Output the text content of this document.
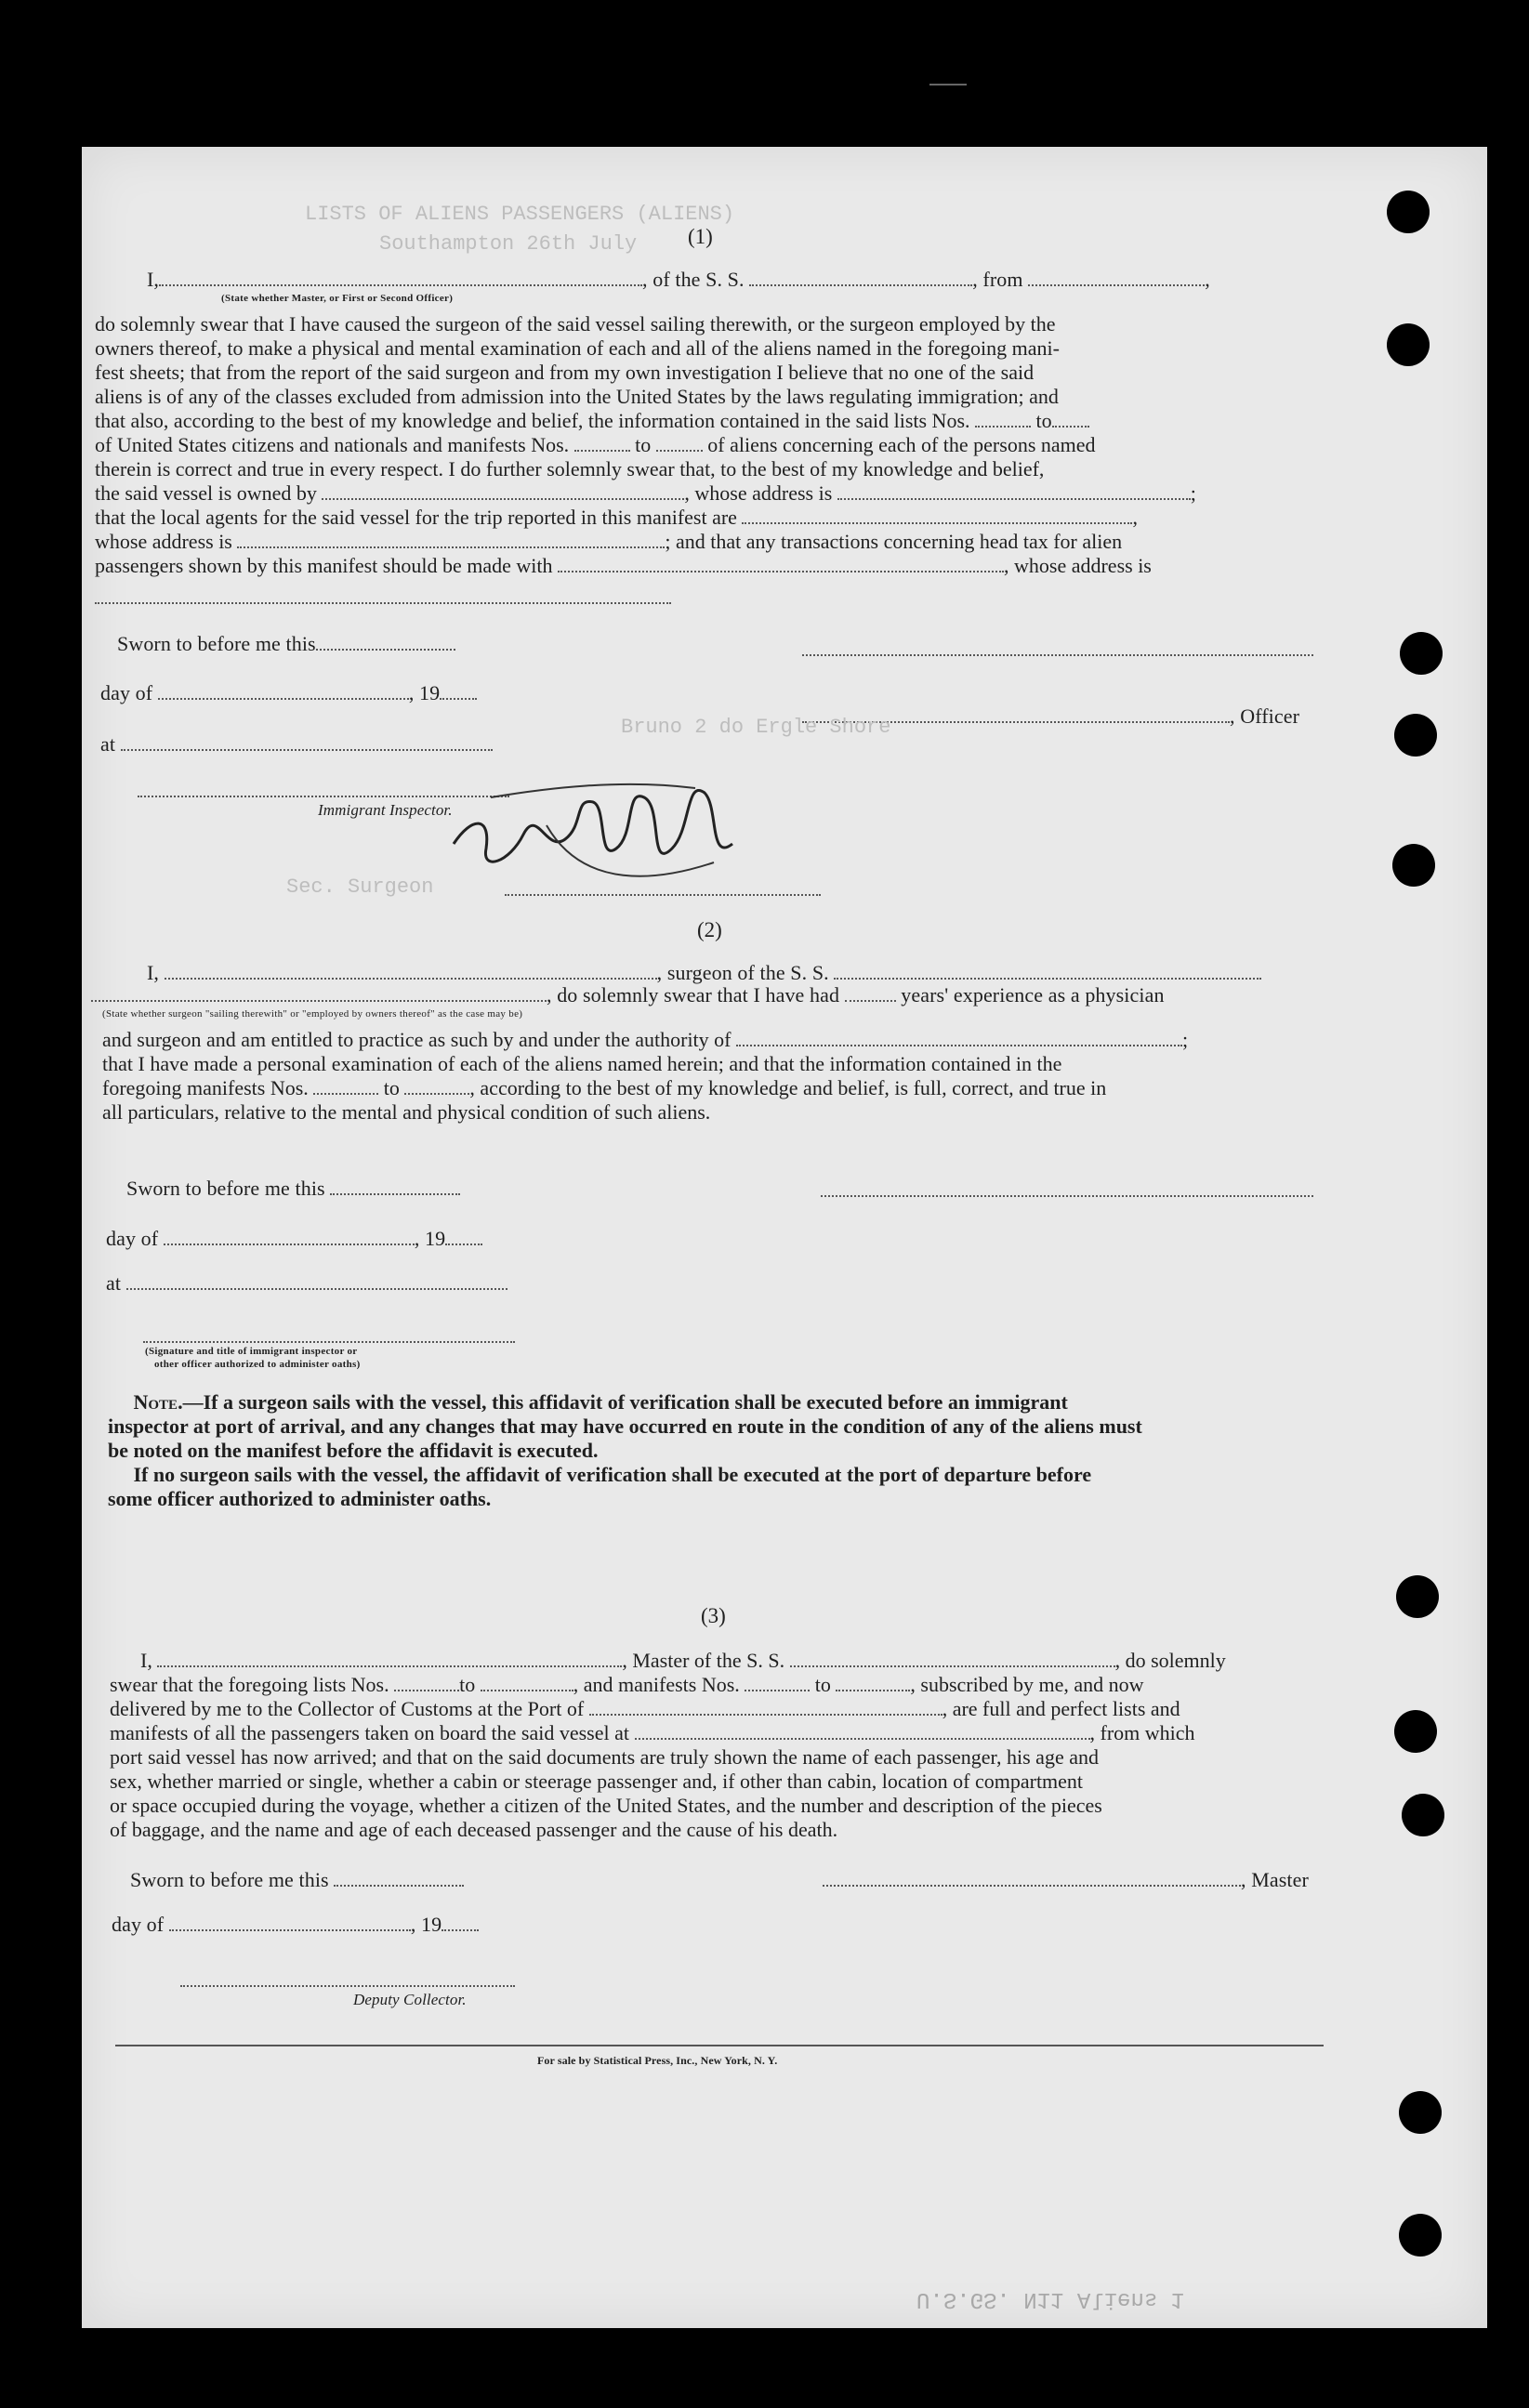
LISTS OF ALIENS PASSENGERS (ALIENS)
Southampton 26th July (1)
I,	, of the S. S.	, from	,
(State whether Master, or First or Second Officer)
do solemnly swear that I have caused the surgeon of the said vessel sailing therewith, or the surgeon employed by the
owners thereof, to make a physical and mental examination of each and all of the aliens named in the foregoing mani-
fest sheets; that from the report of the said surgeon and from my own investigation I believe that no one of the said
aliens is of any of the classes excluded from admission into the United States by the laws regulating immigration; and
that also, according to the best of my knowledge and belief, the information contained in the said lists Nos.	to
of United States citizens and nationals and manifests Nos.	to	of aliens concerning each of the persons named
therein is correct and true in every respect. I do further solemnly swear that, to the best of my knowledge and belief,
the said vessel is owned by	, whose address is	;
that the local agents for the said vessel for the trip reported in this manifest are	,
whose address is	; and that any transactions concerning head tax for alien
passengers shown by this manifest should be made with	, whose address is
Sworn to before me this
day of	, 19
, Officer
Bruno 2 do Ergle Shore
at
Immigrant Inspector.
Sec. Surgeon
(2)
I,	, surgeon of the S. S.
, do solemnly swear that I have had	years' experience as a physician
(State whether surgeon "sailing therewith" or "employed by owners thereof" as the case may be)
and surgeon and am entitled to practice as such by and under the authority of	;
that I have made a personal examination of each of the aliens named herein; and that the information contained in the
foregoing manifests Nos.	to	, according to the best of my knowledge and belief, is full, correct, and true in
all particulars, relative to the mental and physical condition of such aliens.
Sworn to before me this
day of	, 19
at
(Signature and title of immigrant inspector or
other officer authorized to administer oaths)
Note.—If a surgeon sails with the vessel, this affidavit of verification shall be executed before an immigrant
inspector at port of arrival, and any changes that may have occurred en route in the condition of any of the aliens must
be noted on the manifest before the affidavit is executed.
If no surgeon sails with the vessel, the affidavit of verification shall be executed at the port of departure before
some officer authorized to administer oaths.
(3)
I,	, Master of the S. S.	, do solemnly
swear that the foregoing lists Nos.	to	, and manifests Nos.	to	, subscribed by me, and now
delivered by me to the Collector of Customs at the Port of	, are full and perfect lists and
manifests of all the passengers taken on board the said vessel at	, from which
port said vessel has now arrived; and that on the said documents are truly shown the name of each passenger, his age and
sex, whether married or single, whether a cabin or steerage passenger and, if other than cabin, location of compartment
or space occupied during the voyage, whether a citizen of the United States, and the number and description of the pieces
of baggage, and the name and age of each deceased passenger and the cause of his death.
Sworn to before me this	, Master
day of	, 19
Deputy Collector.
For sale by Statistical Press, Inc., New York, N. Y.
U.S.GS. N11 Aliens 1
